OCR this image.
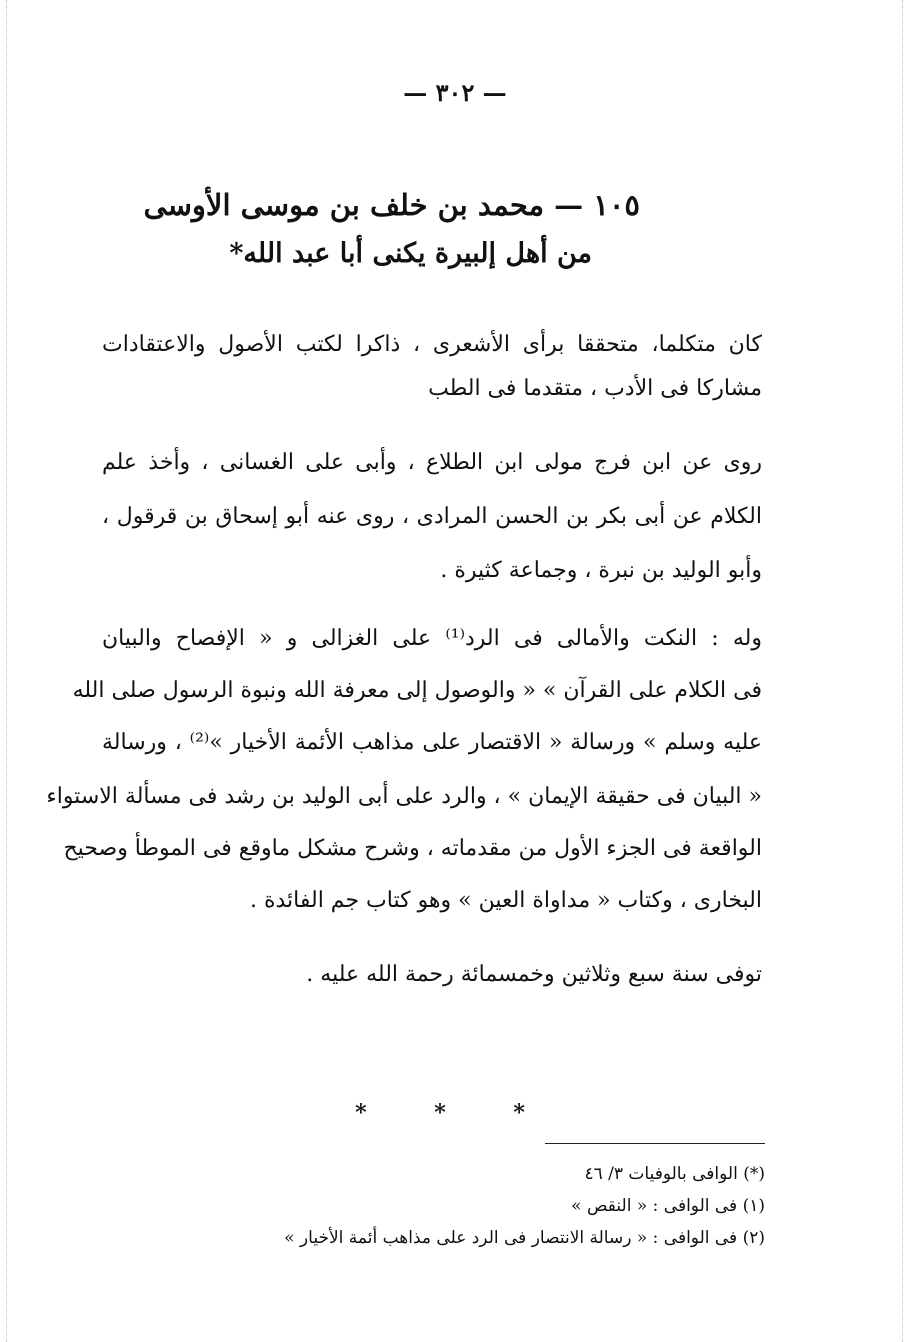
— ٣٠٢ —
١٠٥ — محمد بن خلف بن موسى الأوسى
من أهل إلبيرة يكنى أبا عبد الله*
كان متكلما، متحققا برأى الأشعرى ، ذاكرا لكتب الأصول والاعتقادات
مشاركا فى الأدب ، متقدما فى الطب
روى عن ابن فرج مولى ابن الطلاع ، وأبى على الغسانى ، وأخذ علم
الكلام عن أبى بكر بن الحسن المرادى ، روى عنه أبو إسحاق بن قرقول ،
وأبو الوليد بن نبرة ، وجماعة كثيرة .
وله : النكت والأمالى فى الرد⁽¹⁾ على الغزالى و « الإفصاح والبيان
فى الكلام على القرآن » « والوصول إلى معرفة الله ونبوة الرسول صلى الله
عليه وسلم » ورسالة « الاقتصار على مذاهب الأئمة الأخيار »⁽²⁾ ، ورسالة
« البيان فى حقيقة الإيمان » ، والرد على أبى الوليد بن رشد فى مسألة الاستواء
الواقعة فى الجزء الأول من مقدماته ، وشرح مشكل ماوقع فى الموطأ وصحيح
البخارى ، وكتاب « مداواة العين » وهو كتاب جم الفائدة .
توفى سنة سبع وثلاثين وخمسمائة رحمة الله عليه .
* * *
(*) الوافى بالوفيات ٣/ ٤٦
(١) فى الوافى : « النقص »
(٢) فى الوافى : « رسالة الانتصار فى الرد على مذاهب أئمة الأخيار »
